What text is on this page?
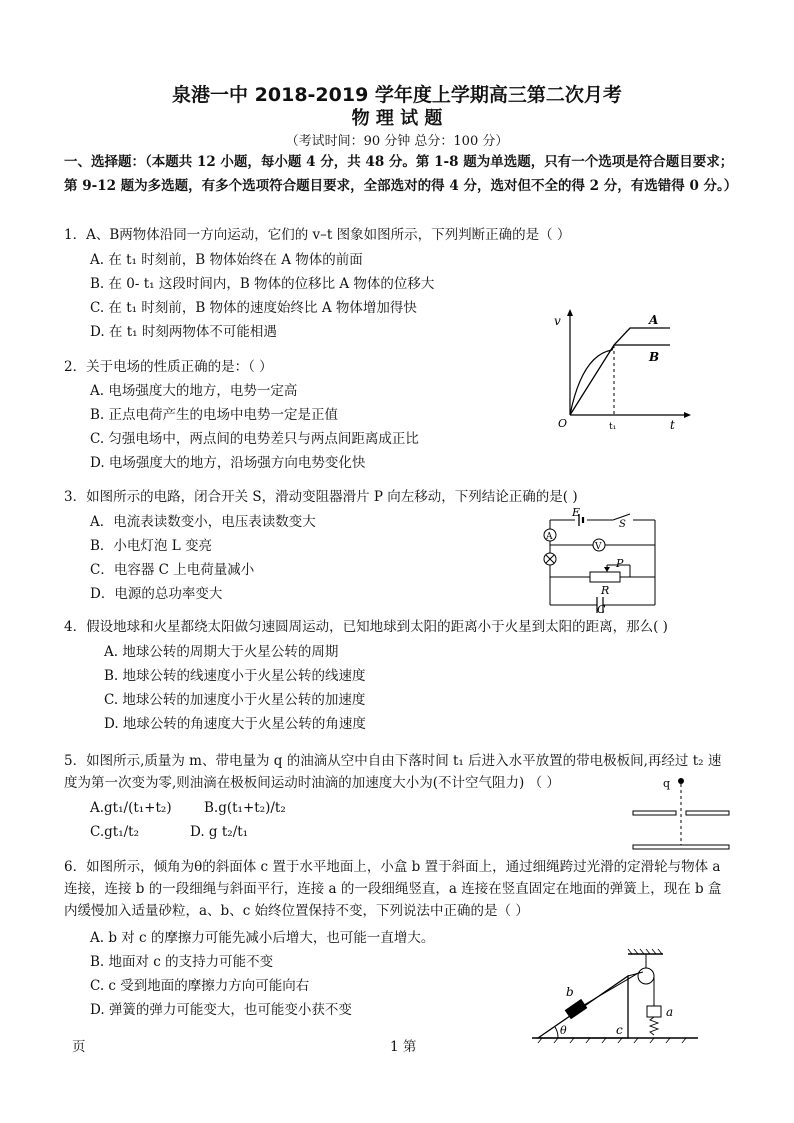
泉港一中 2018-2019 学年度上学期高三第二次月考
物 理 试 题
（考试时间：90 分钟 总分：100 分）
一、选择题：（本题共 12 小题，每小题 4 分，共 48 分。第 1-8 题为单选题，只有一个选项是符合题目要求；第 9-12 题为多选题，有多个选项符合题目要求，全部选对的得 4 分，选对但不全的得 2 分，有选错得 0 分。）
1．A、B两物体沿同一方向运动，它们的 v–t 图象如图所示，下列判断正确的是（ ）
A. 在 t₁ 时刻前，B 物体始终在 A 物体的前面
B. 在 0- t₁ 这段时间内，B 物体的位移比 A 物体的位移大
C. 在 t₁ 时刻前，B 物体的速度始终比 A 物体增加得快
D. 在 t₁ 时刻两物体不可能相遇
v
O	t₁	t
A
B
2．关于电场的性质正确的是：（ ）
A. 电场强度大的地方，电势一定高
B. 正点电荷产生的电场中电势一定是正值
C. 匀强电场中，两点间的电势差只与两点间距离成正比
D. 电场强度大的地方，沿场强方向电势变化快
3．如图所示的电路，闭合开关 S，滑动变阻器滑片 P 向左移动，下列结论正确的是( )
A．电流表读数变小，电压表读数变大
B．小电灯泡 L 变亮
C．电容器 C 上电荷量减小
D．电源的总功率变大
A
V
E
S
P
R
C
4．假设地球和火星都绕太阳做匀速圆周运动，已知地球到太阳的距离小于火星到太阳的距离，那么( )
A. 地球公转的周期大于火星公转的周期
B. 地球公转的线速度小于火星公转的线速度
C. 地球公转的加速度小于火星公转的加速度
D. 地球公转的角速度大于火星公转的角速度
5．如图所示,质量为 m、带电量为 q 的油滴从空中自由下落时间 t₁ 后进入水平放置的带电极板间,再经过 t₂ 速度为第一次变为零,则油滴在极板间运动时油滴的加速度大小为(不计空气阻力) （ ）
A.gt₁/(t₁+t₂) B.g(t₁+t₂)/t₂
C.gt₁/t₂	D. g t₂/t₁
q
6．如图所示，倾角为θ的斜面体 c 置于水平地面上，小盒 b 置于斜面上，通过细绳跨过光滑的定滑轮与物体 a 连接，连接 b 的一段细绳与斜面平行，连接 a 的一段细绳竖直，a 连接在竖直固定在地面的弹簧上，现在 b 盒内缓慢加入适量砂粒，a、b、c 始终位置保持不变，下列说法中正确的是（ ）
A. b 对 c 的摩擦力可能先减小后增大，也可能一直增大。
B. 地面对 c 的支持力可能不变
C. c 受到地面的摩擦力方向可能向右
D. 弹簧的弹力可能变大，也可能变小获不变
θ
b
c
a
页	1 第
